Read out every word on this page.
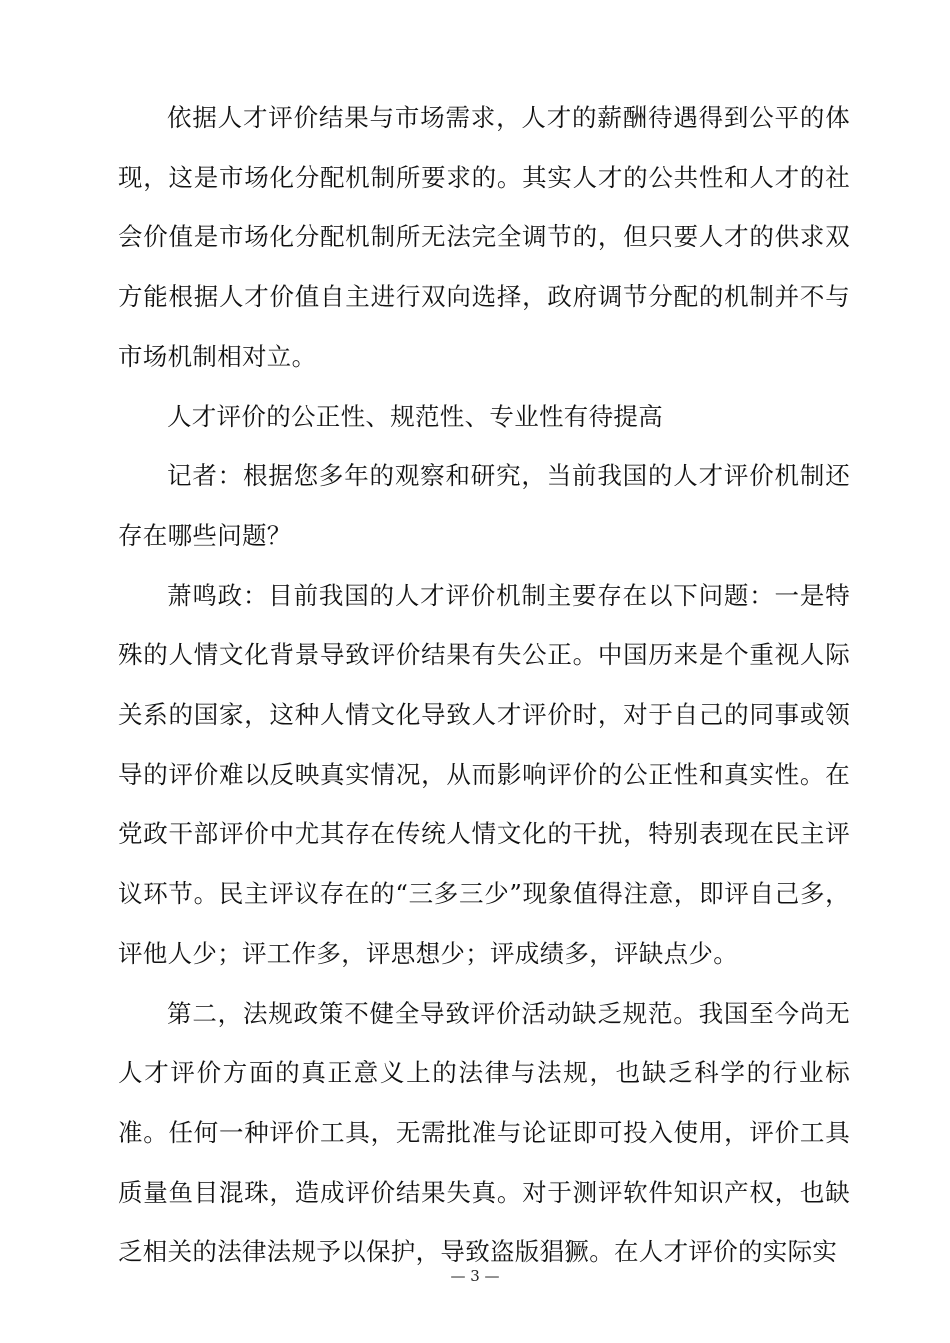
依据人才评价结果与市场需求，人才的薪酬待遇得到公平的体现，这是市场化分配机制所要求的。其实人才的公共性和人才的社会价值是市场化分配机制所无法完全调节的，但只要人才的供求双方能根据人才价值自主进行双向选择，政府调节分配的机制并不与市场机制相对立。

人才评价的公正性、规范性、专业性有待提高

记者：根据您多年的观察和研究，当前我国的人才评价机制还存在哪些问题？

萧鸣政：目前我国的人才评价机制主要存在以下问题：一是特殊的人情文化背景导致评价结果有失公正。中国历来是个重视人际关系的国家，这种人情文化导致人才评价时，对于自己的同事或领导的评价难以反映真实情况，从而影响评价的公正性和真实性。在党政干部评价中尤其存在传统人情文化的干扰，特别表现在民主评议环节。民主评议存在的“三多三少”现象值得注意，即评自己多，评他人少；评工作多，评思想少；评成绩多，评缺点少。

第二，法规政策不健全导致评价活动缺乏规范。我国至今尚无人才评价方面的真正意义上的法律与法规，也缺乏科学的行业标准。任何一种评价工具，无需批准与论证即可投入使用，评价工具质量鱼目混珠，造成评价结果失真。对于测评软件知识产权，也缺乏相关的法律法规予以保护，导致盗版猖獗。在人才评价的实际实

— 3 —
